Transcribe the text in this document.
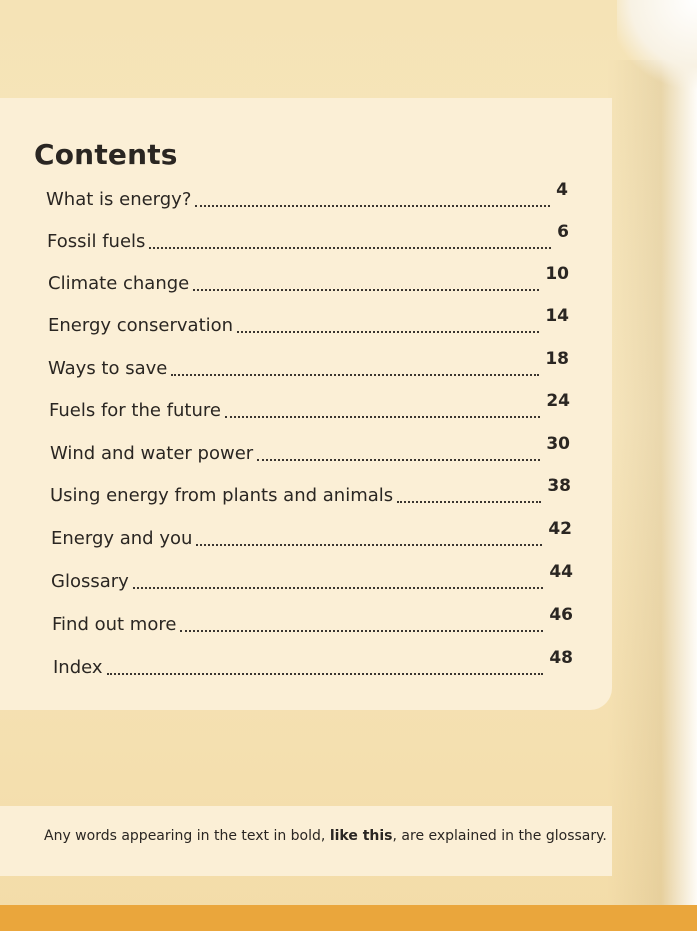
Contents
What is energy?	4
Fossil fuels	6
Climate change	10
Energy conservation	14
Ways to save	18
Fuels for the future	24
Wind and water power	30
Using energy from plants and animals	38
Energy and you	42
Glossary	44
Find out more	46
Index	48
Any words appearing in the text in bold, like this, are explained in the glossary.
